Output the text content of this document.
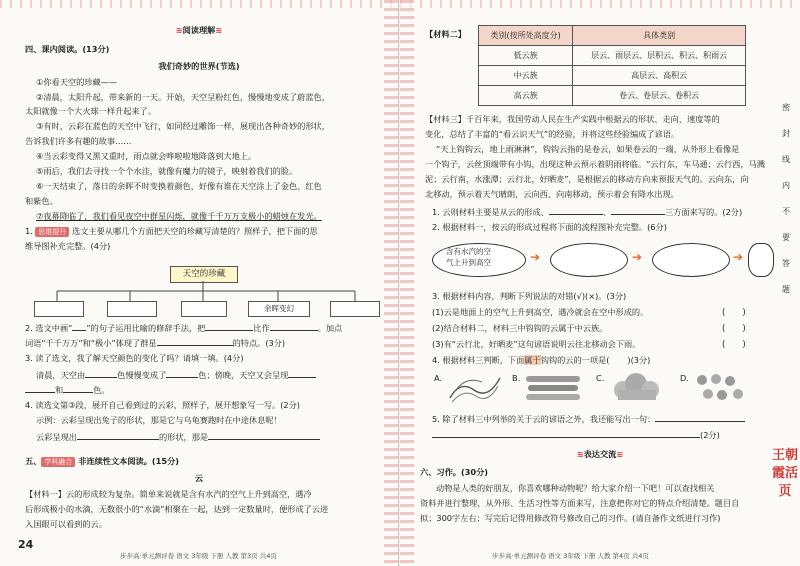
≋阅读理解≋
四、课内阅读。(13分)
我们奇妙的世界(节选)
①你看天空的珍藏——
②清晨，太阳升起，带来新的一天。开始，天空呈粉红色，慢慢地变成了蔚蓝色，
太阳就像一个大火球一样升起来了。
③有时，云彩在蓝色的天空中飞行，如同经过雕饰一样，展现出各种奇妙的形状，
告诉我们许多有趣的故事……
④当云彩变得又黑又重时，雨点就会哗啦啦地降落到大地上。
⑤雨后，我们去寻找一个个水洼，就像有魔力的镜子，映射着我们的脸。
⑥一天结束了，落日的余晖不时变换着颜色，好像有谁在天空涂上了金色、红色
和紫色。
⑦夜幕降临了，我们看见夜空中群星闪烁，就像千千万万支极小的蜡烛在发光。
1. 思维提升 选文主要从哪几个方面把天空的珍藏写清楚的？照样子，把下面的思
维导图补充完整。(4分)
天空的珍藏
余晖变幻
2. 选文中画“ ”的句子运用比喻的修辞手法，把	比作	。加点
词语“千千万万”和“极小”体现了群星	的特点。(3分)
3. 读了选文，我了解天空颜色的变化了吗？请填一填。(4分)
清晨，天空由	色慢慢变成了	色；傍晚，天空又会呈现
和	色。
4. 读选文第③段，展开自己看到过的云彩，照样子，展开想象写一写。(2分)
示例：云彩呈现出兔子的形状，那是它与乌龟赛跑时在中途休息呢！
云彩呈现出	的形状，那是
五、 学科融合 非连续性文本阅读。(15分)
云
【材料一】云的形成较为复杂。简单来说就是含有水汽的空气上升到高空，遇冷
后形成极小的水滴，无数很小的“水滴”相聚在一起，达到一定数量时，便形成了云进
入国眼可以看到的云。
24
步步高·单元测评卷 语文 3年级 下册 人教 第3页 共4页
【材料二】	类别(按所处高度分)	具体类别
低云族	层云、雨层云、层积云、积云、积雨云
中云族	高层云、高积云
高云族	卷云、卷层云、卷积云
【材料三】千百年来，我国劳动人民在生产实践中根据云的形状、走向、速度等的
变化，总结了丰富的“看云识天气”的经验，并将这些经验编成了谚语。
“天上钩钩云，地上雨淋淋”，钩钩云指的是卷云，如果卷云的一端，从外形上看像是
一个钩子，云丝顶端带有小钩，出现这种云预示着阴雨将临。“云行东，车马通；云行西，马溅
泥；云行南，水涨潭；云行北，好晒麦”，是根据云的移动方向来预报天气的。云向东，向
北移动，预示着天气晴朗，云向西、向南移动，预示着会有降水出现。
1. 云则材料主要是从云的形成、	、	三方面来写的。(2分)
2. 根据材料一，按云的形成过程将下面的流程图补充完整。(6分)
含有水汽的空
气上升到高空	➔	➔	➔
3. 根据材料内容，判断下列说法的对错(√)(×)。(3分)
(1)云是地面上的空气上升到高空，遇冷就会在空中形成的。	(　　)
(2)结合材料二，材料三中钩钩的云属于中云族。	(　　)
(3)有“云行北，好晒麦”这句谚语说明云往北移动会下雨。	(　　)
4. 根据材料三判断，下面属于钩钩的云的一项是( )(3分)
A.	B.	C.	D.
5. 除了材料三中列举的关于云的谚语之外，我还能写出一句：
(2分)
≋表达交流≋
六、习作。(30分)
动物是人类的好朋友，你喜欢哪种动物呢？给大家介绍一下吧！可以查找相关
资料并进行整理，从外形、生活习性等方面来写，注意把你对它的特点介绍清楚。题目自
拟；300字左右；写完后记得用修改符号修改自己的习作。(请自备作文纸进行习作)
步步高·单元测评卷 语文 3年级 下册 人教 第4页 共4页
密
封
线
内
不
要
答
题
王朝霞活页
